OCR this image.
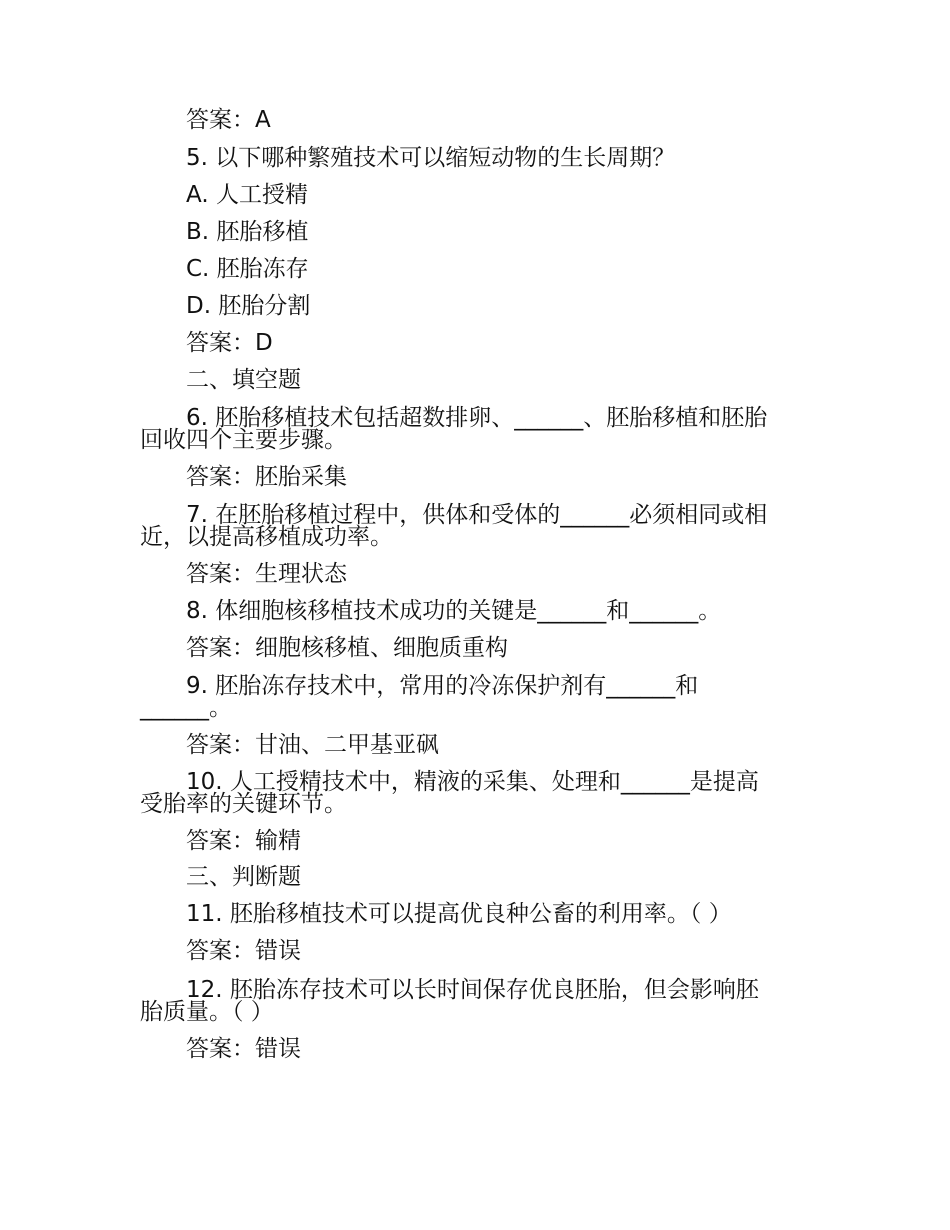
答案：A

5. 以下哪种繁殖技术可以缩短动物的生长周期？

A. 人工授精

B. 胚胎移植

C. 胚胎冻存

D. 胚胎分割

答案：D

二、填空题

6. 胚胎移植技术包括超数排卵、______、胚胎移植和胚胎

回收四个主要步骤。

答案：胚胎采集

7. 在胚胎移植过程中，供体和受体的______必须相同或相

近，以提高移植成功率。

答案：生理状态

8. 体细胞核移植技术成功的关键是______和______。

答案：细胞核移植、细胞质重构

9. 胚胎冻存技术中，常用的冷冻保护剂有______和

______。

答案：甘油、二甲基亚砜

10. 人工授精技术中，精液的采集、处理和______是提高

受胎率的关键环节。

答案：输精

三、判断题

11. 胚胎移植技术可以提高优良种公畜的利用率。（ ）

答案：错误

12. 胚胎冻存技术可以长时间保存优良胚胎，但会影响胚

胎质量。（ ）

答案：错误
